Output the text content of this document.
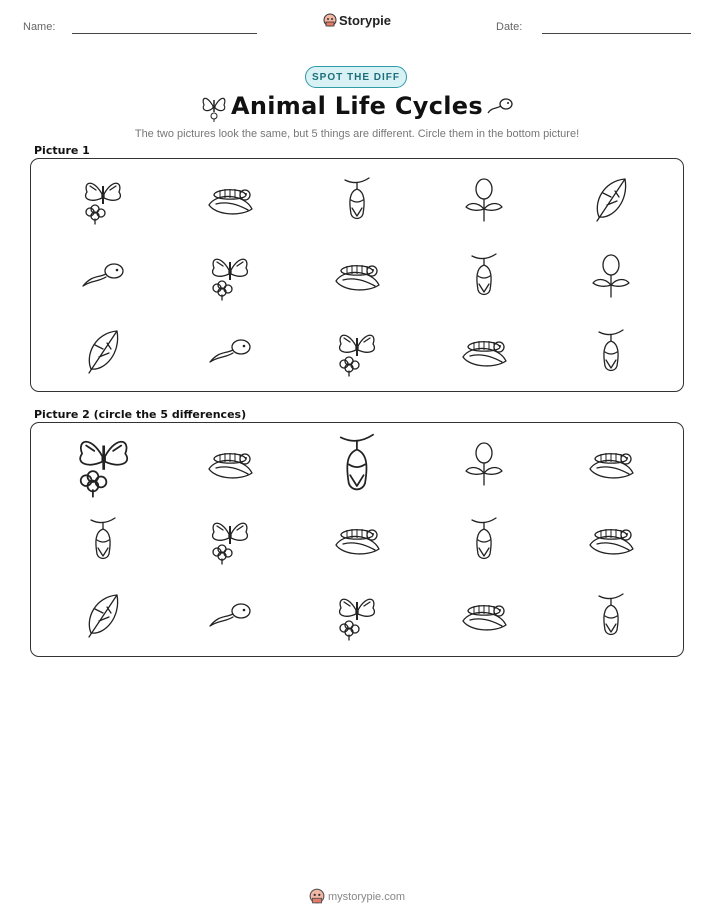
Name:	Storypie	Date:
SPOT THE DIFF
Animal Life Cycles
The two pictures look the same, but 5 things are different. Circle them in the bottom picture!
Picture 1
Picture 2 (circle the 5 differences)
mystorypie.com
